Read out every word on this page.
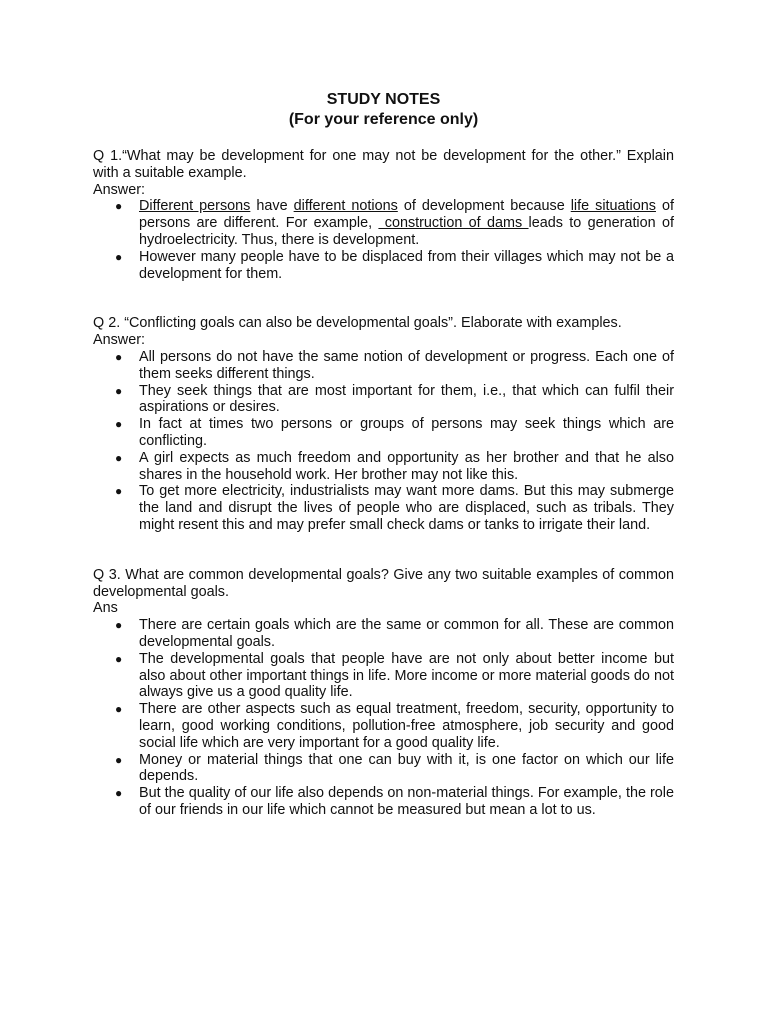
STUDY NOTES
(For your reference only)

Q 1.“What may be development for one may not be development for the other.” Explain with a suitable example.

Answer:

● Different persons have different notions of development because life situations of persons are different. For example,  construction of dams leads to generation of hydroelectricity. Thus, there is development.
● However many people have to be displaced from their villages which may not be a development for them.

Q 2. “Conflicting goals can also be developmental goals”. Elaborate with examples.

Answer:

● All persons do not have the same notion of development or progress. Each one of them seeks different things.
● They seek things that are most important for them, i.e., that which can fulfil their aspirations or desires.
● In fact at times two persons or groups of persons may seek things which are conflicting.
● A girl expects as much freedom and opportunity as her brother and that he also shares in the household work. Her brother may not like this.
● To get more electricity, industrialists may want more dams. But this may submerge the land and disrupt the lives of people who are displaced, such as tribals. They might resent this and may prefer small check dams or tanks to irrigate their land.

Q 3. What are common developmental goals? Give any two suitable examples of common developmental goals.

Ans

● There are certain goals which are the same or common for all. These are common developmental goals.
● The developmental goals that people have are not only about better income but also about other important things in life. More income or more material goods do not always give us a good quality life.
● There are other aspects such as equal treatment, freedom, security, opportunity to learn, good working conditions, pollution-free atmosphere, job security and good social life which are very important for a good quality life.
● Money or material things that one can buy with it, is one factor on which our life depends.
● But the quality of our life also depends on non-material things. For example, the role of our friends in our life which cannot be measured but mean a lot to us.
